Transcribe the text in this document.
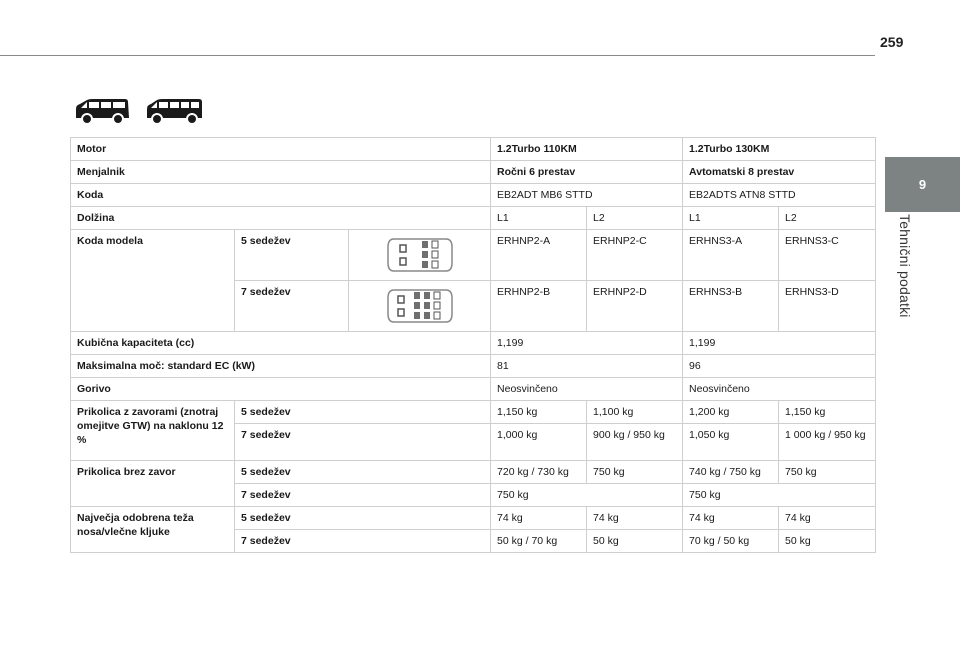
259
9
Tehnični podatki
Motor			1.2Turbo 110KM		1.2Turbo 130KM	
Menjalnik			Ročni 6 prestav		Avtomatski 8 prestav	
Koda			EB2ADT MB6 STTD		EB2ADTS ATN8 STTD	
Dolžina			L1	L2	L1	L2
Koda modela	5 sedežev		ERHNP2-A	ERHNP2-C	ERHNS3-A	ERHNS3-C
	7 sedežev		ERHNP2-B	ERHNP2-D	ERHNS3-B	ERHNS3-D
Kubična kapaciteta (cc)			1,199		1,199	
Maksimalna moč: standard EC (kW)			81		96	
Gorivo			Neosvinčeno		Neosvinčeno	
Prikolica z zavorami (znotraj omejitve GTW) na naklonu 12 %	5 sedežev		1,150 kg	1,100 kg	1,200 kg	1,150 kg
	7 sedežev		1,000 kg	900 kg / 950 kg	1,050 kg	1 000 kg / 950 kg
Prikolica brez zavor	5 sedežev		720 kg / 730 kg	750 kg	740 kg / 750 kg	750 kg
	7 sedežev		750 kg		750 kg	
Največja odobrena teža nosa/vlečne kljuke	5 sedežev		74 kg	74 kg	74 kg	74 kg
	7 sedežev		50 kg / 70 kg	50 kg	70 kg / 50 kg	50 kg
